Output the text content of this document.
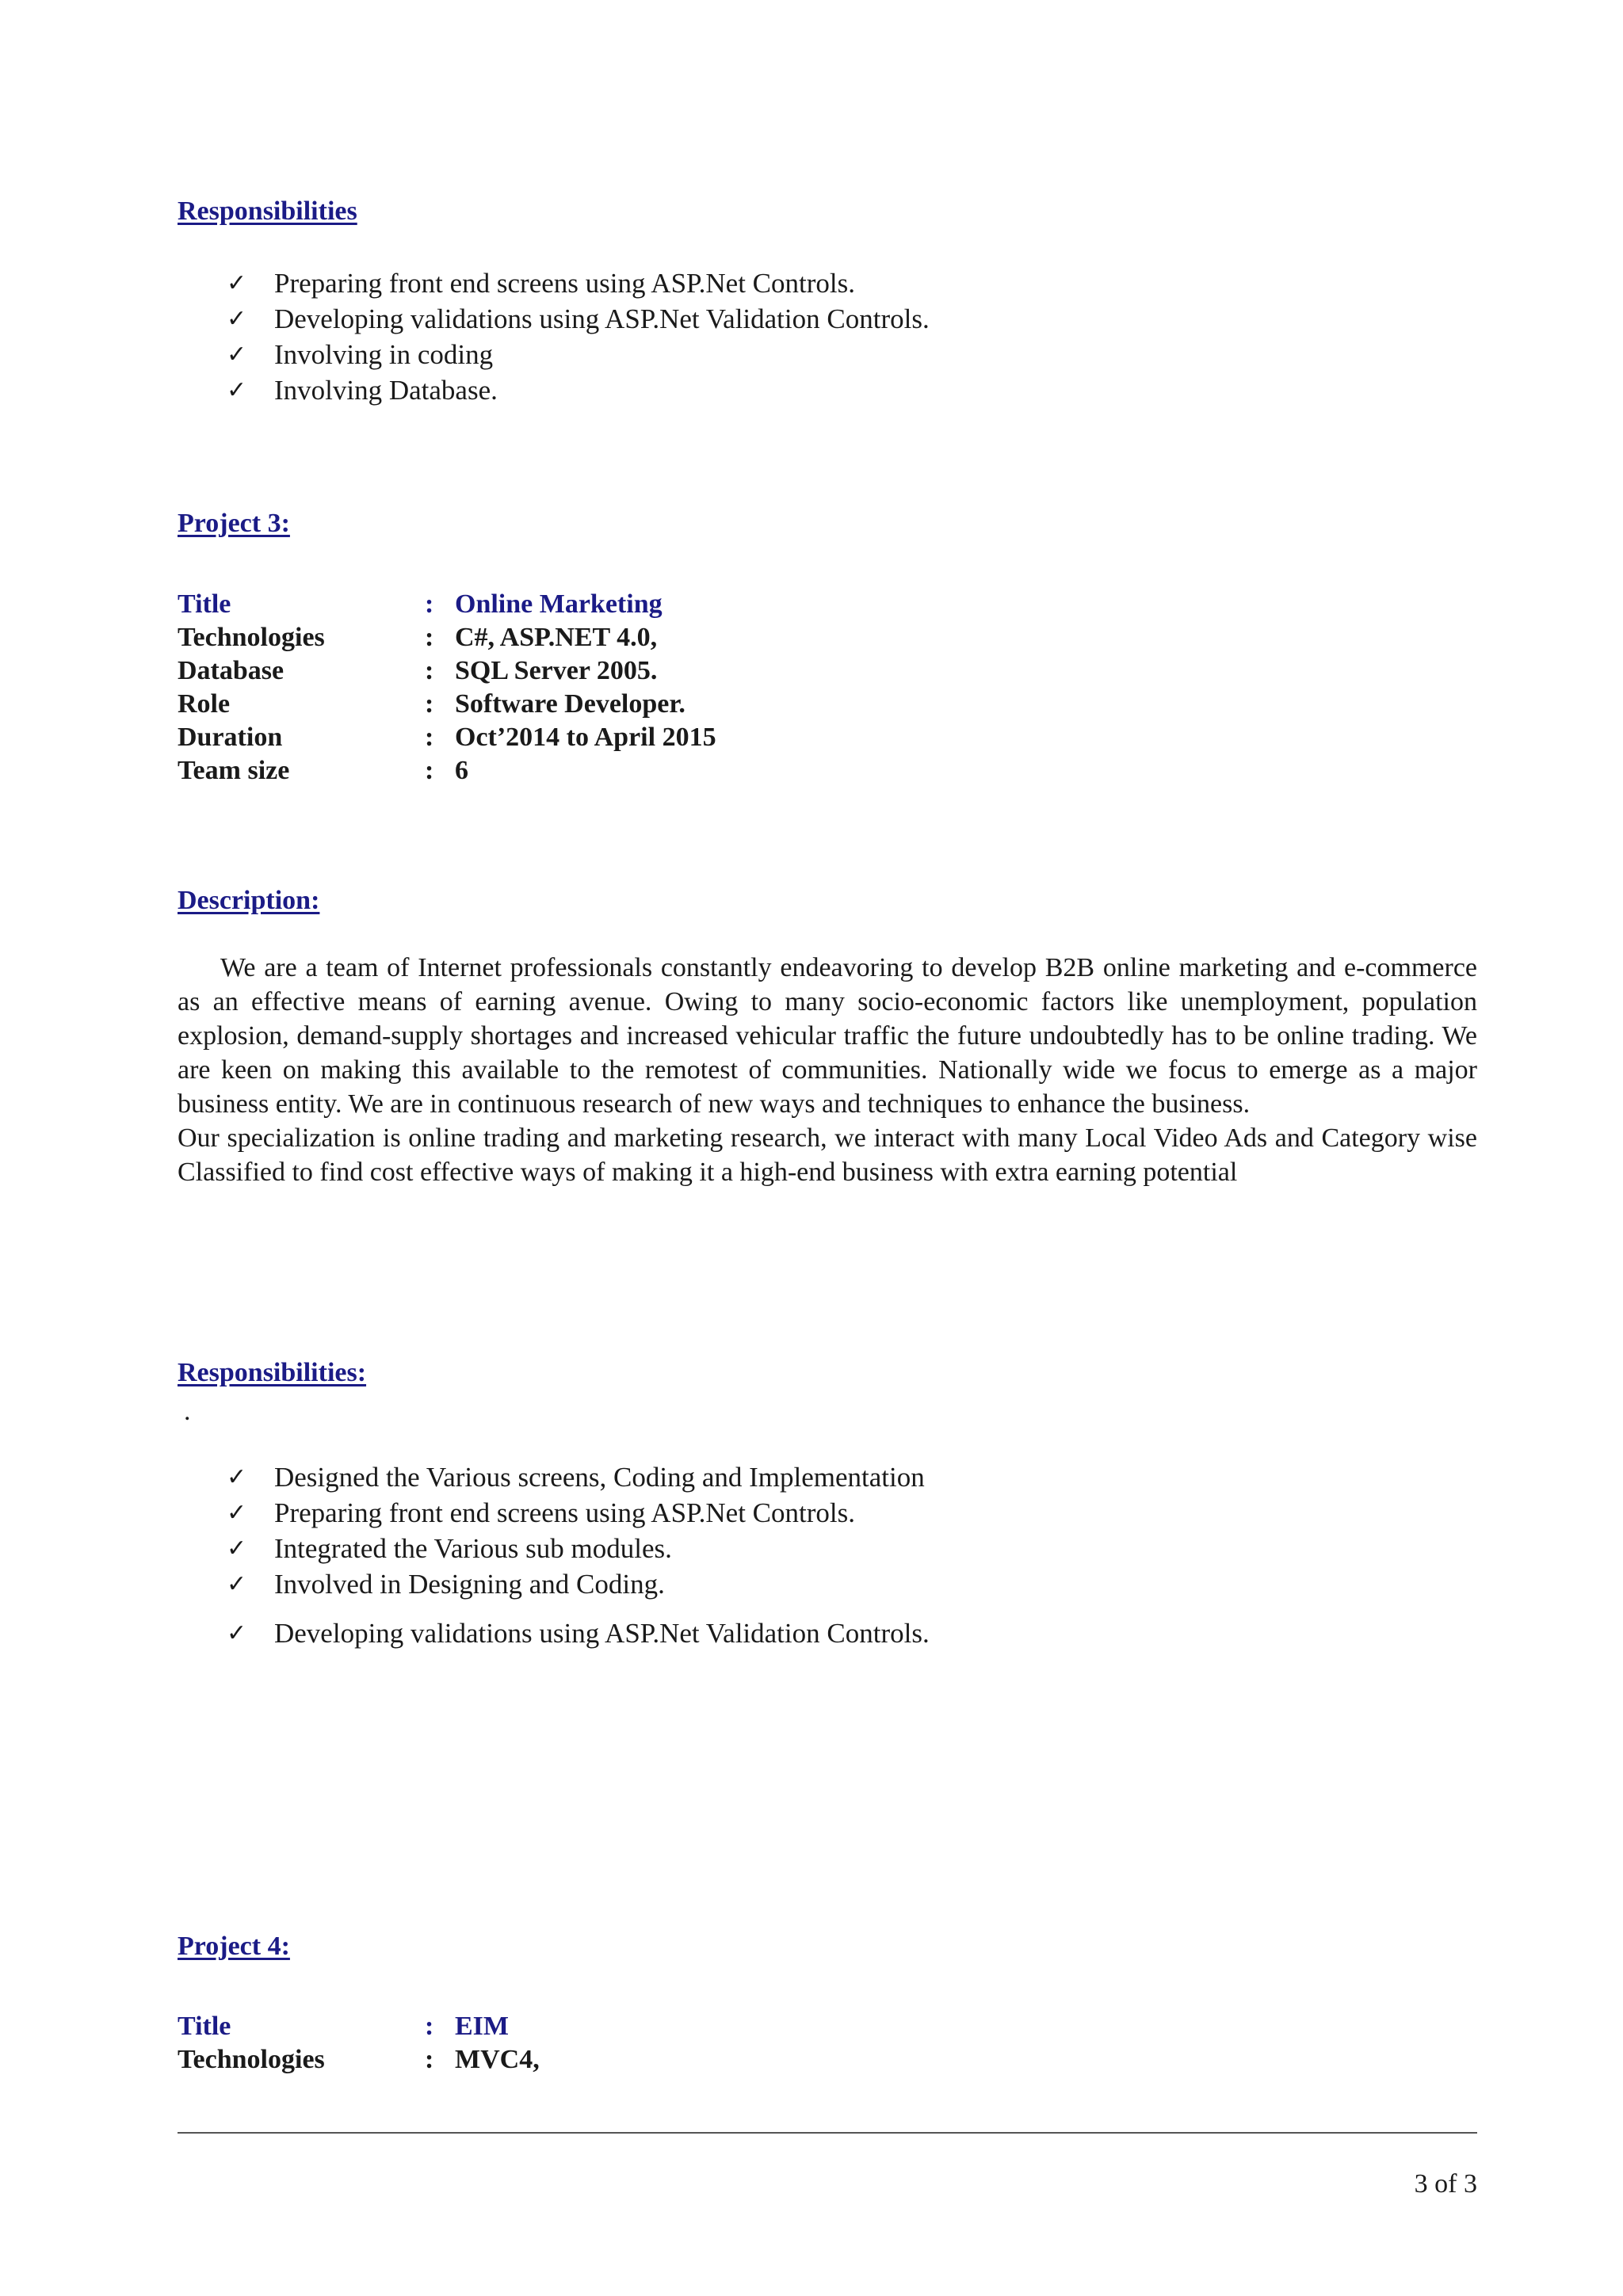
Responsibilities
✓ Preparing front end screens using ASP.Net Controls.
✓ Developing validations using ASP.Net Validation Controls.
✓ Involving in coding
✓ Involving Database.
Project 3:
Title	:	Online Marketing
Technologies	:	C#, ASP.NET 4.0,
Database	:	SQL Server 2005.
Role	:	Software Developer.
Duration	:	Oct’2014 to April 2015
Team size	:	6
Description:

We are a team of Internet professionals constantly endeavoring to develop B2B online marketing and e-commerce as an effective means of earning avenue. Owing to many socio-economic factors like unemployment, population explosion, demand-supply shortages and increased vehicular traffic the future undoubtedly has to be online trading. We are keen on making this available to the remotest of communities. Nationally wide we focus to emerge as a major business entity. We are in continuous research of new ways and techniques to enhance the business.

Our specialization is online trading and marketing research, we interact with many Local Video Ads and Category wise Classified to find cost effective ways of making it a high-end business with extra earning potential

Responsibilities:
.
✓ Designed the Various screens, Coding and Implementation
✓ Preparing front end screens using ASP.Net Controls.
✓ Integrated the Various sub modules.
✓ Involved in Designing and Coding.
✓ Developing validations using ASP.Net Validation Controls.
Project 4:
Title	:	EIM
Technologies	:	MVC4,
3 of 3
